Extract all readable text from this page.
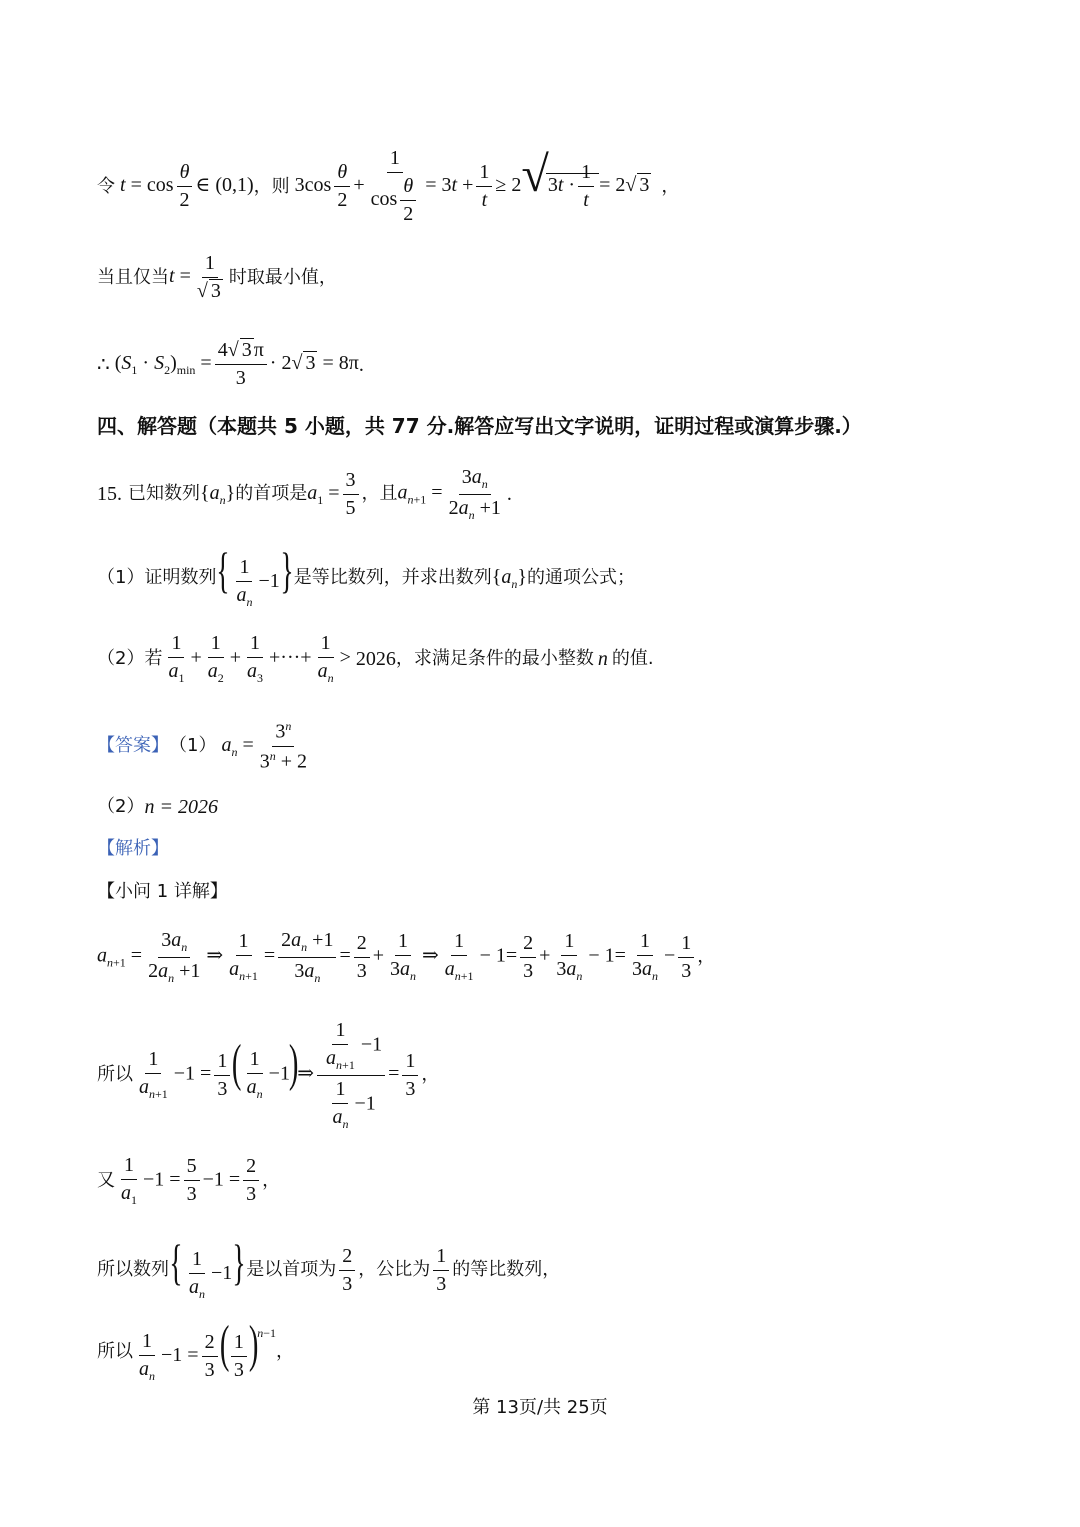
令 $t = \cos \frac{\theta}{2}$ ∈ (0,1) ，则 $3\cos \frac{\theta}{2} + \frac{1}{\cos \frac{\theta}{2}} = 3t + \frac{1}{t} \ge 2√3t \cdot \frac{1}{t} = 2√$ 3 ，
当且仅当 $t = \frac{1}{√ 3}$ 时取最小值，
∴ $(S_1 \cdot S_2)_{min} = \frac{4√ 3 \pi}{3} \cdot 2√$ 3 = 8π .
四、解答题（本题共 5 小题，共 77 分.解答应写出文字说明，证明过程或演算步骤.）
15. 已知数列 $\{a_n\}$ 的首项是 $a_1 = \frac{3}{5}$ ，且 $a_{n+1} = \frac{3a_n}{2a_n +1}$ .
（1）证明数列 { $\frac{1}{a_n} -1$} 是等比数列，并求出数列 $\{a_n\}$ 的通项公式；
（2）若 $\frac{1}{a_1} + \frac{1}{a_2} + \frac{1}{a_3}$ +···+ $\frac{1}{a_n} > 2026$ ，求满足条件的最小整数 n 的值.
【答案】 （1） $a_n = \frac{3^n}{3^n + 2}$
（2） n = 2026
【解析】
【小问 1 详解】
$a_{n+1} = \frac{3a_n}{2a_n +1}$ ⇒ $\frac{1}{a_{n+1}} = \frac{2a_n +1}{3a_n} = \frac{2}{3} + \frac{1}{3a_n}$ ⇒ $\frac{1}{a_{n+1}} - 1= \frac{2}{3} + \frac{1}{3a_n} - 1= \frac{1}{3a_n} - \frac{1}{3}$ ，
所以 $\frac{1}{a_{n+1}} -1 = \frac{1}{3}$ ( $\frac{1}{a_n}$ −1)⇒ $\frac{\frac{1}{a_{n+1}} -1}{\frac{1}{a_n} -1} = \frac{1}{3}$ ，
又 $\frac{1}{a_1} -1 = \frac{5}{3} -1 = \frac{2}{3}$ ，
所以数列 { $\frac{1}{a_n} -1$} 是以首项为 $\frac{2}{3}$ ，公比为 $\frac{1}{3}$ 的等比数列，
所以 $\frac{1}{a_n} -1 = \frac{2}{3}$ ( $\frac{1}{3} )^{n-1}$
，
第 13页/共 25页
